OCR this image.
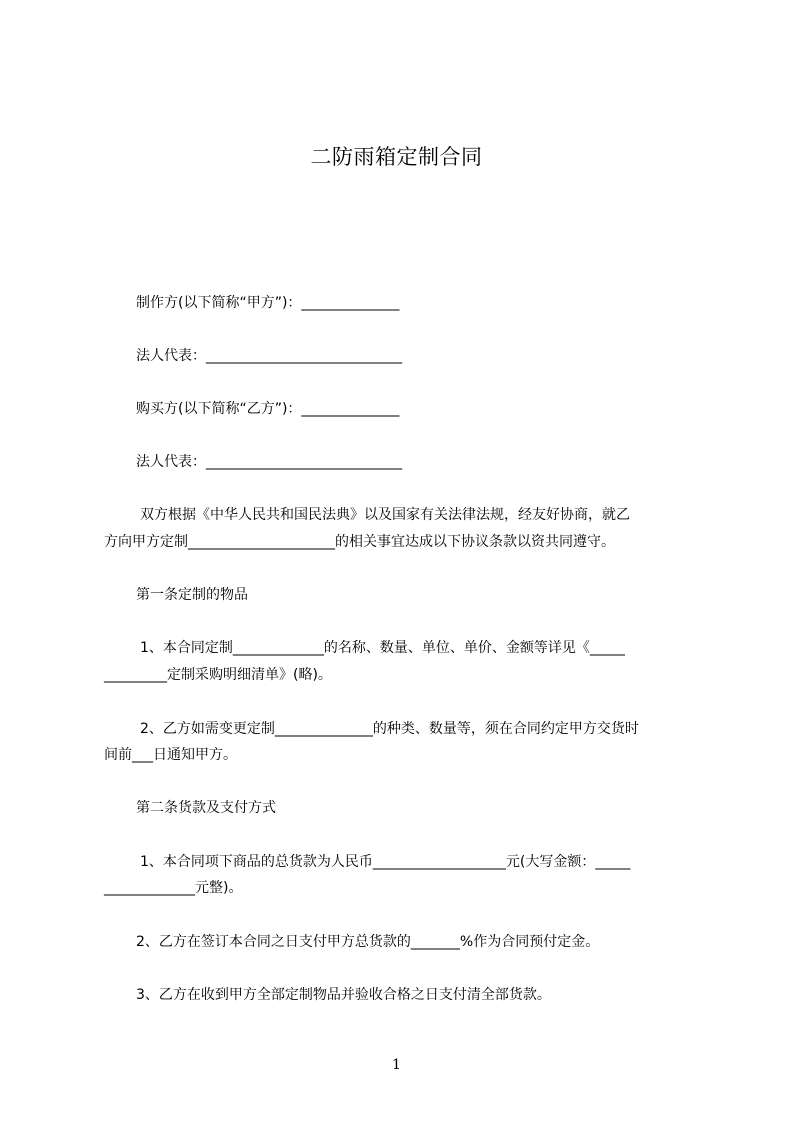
二防雨箱定制合同
制作方(以下简称“甲方”)：______________
法人代表：____________________________
购买方(以下简称“乙方”)：______________
法人代表：____________________________
双方根据《中华人民共和国民法典》以及国家有关法律法规，经友好协商，就乙
方向甲方定制_____________________的相关事宜达成以下协议条款以资共同遵守。
第一条定制的物品
1、本合同定制_____________的名称、数量、单位、单价、金额等详见《_____
_________定制采购明细清单》(略)。
2、乙方如需变更定制______________的种类、数量等，须在合同约定甲方交货时
间前___日通知甲方。
第二条货款及支付方式
1、本合同项下商品的总货款为人民币___________________元(大写金额：_____
_____________元整)。
2、乙方在签订本合同之日支付甲方总货款的_______%作为合同预付定金。
3、乙方在收到甲方全部定制物品并验收合格之日支付清全部货款。
1
